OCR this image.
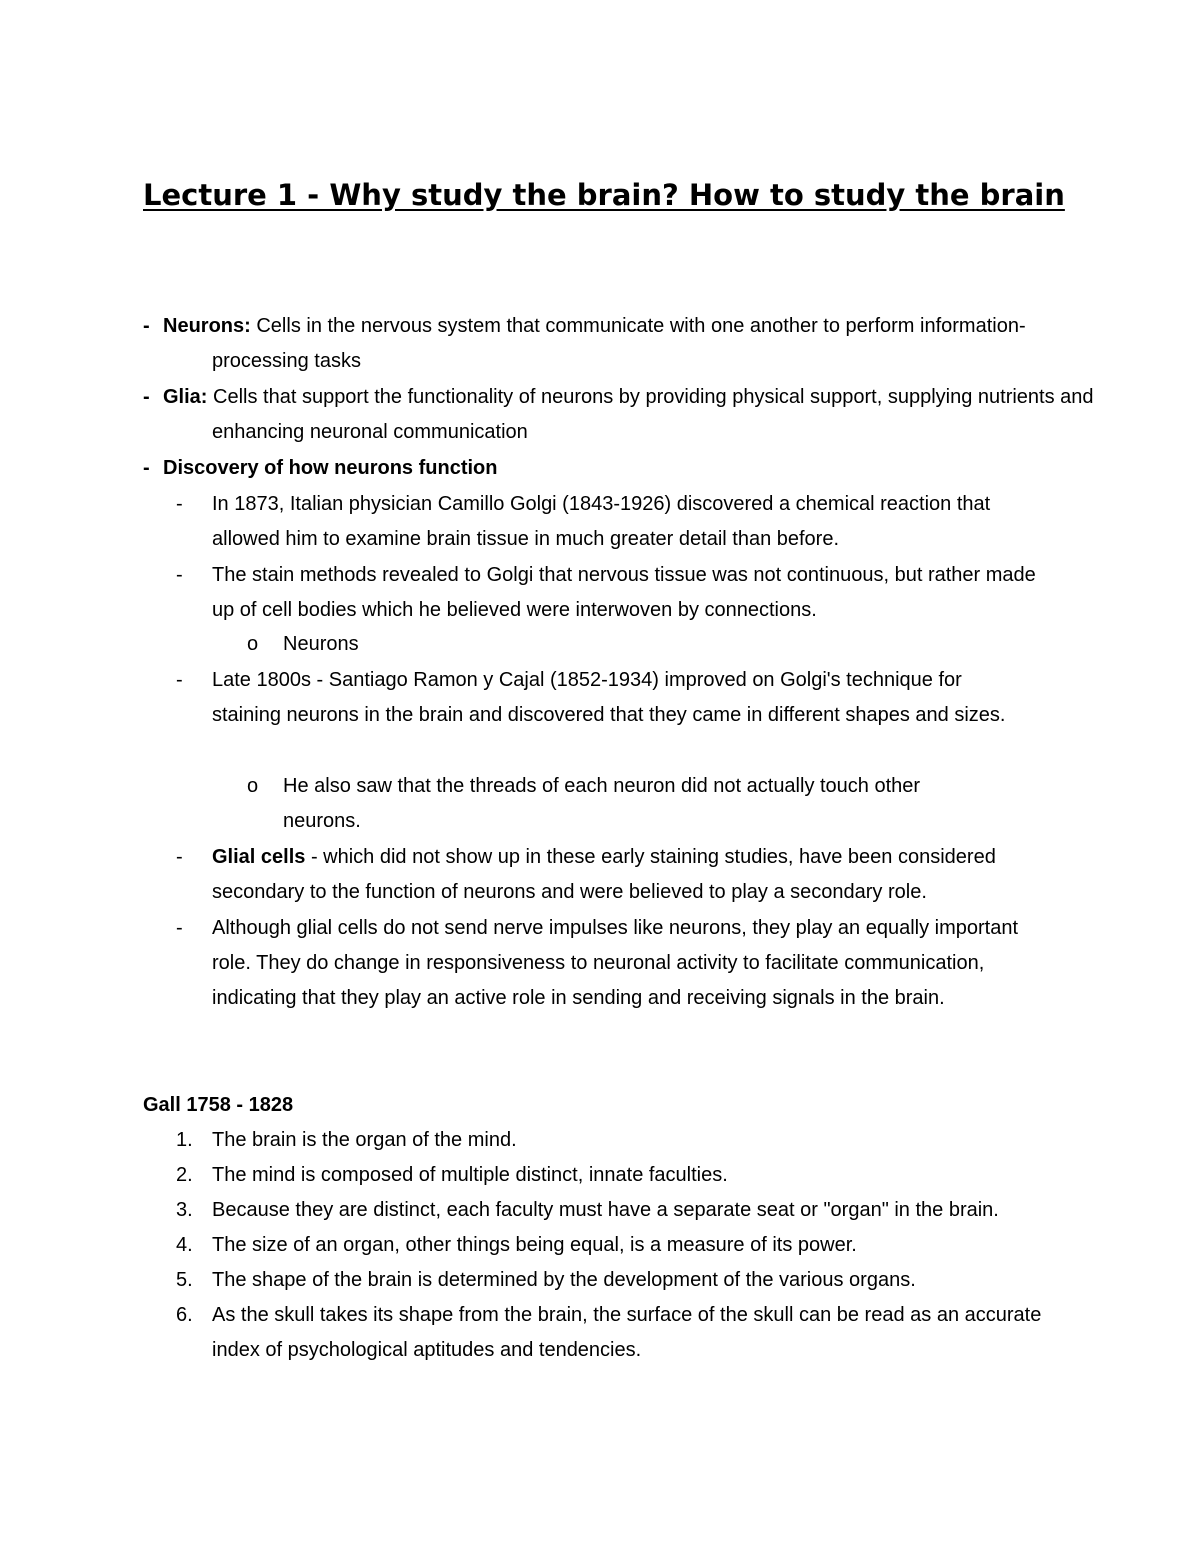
Lecture 1 - Why study the brain? How to study the brain
- Neurons: Cells in the nervous system that communicate with one another to perform information-processing tasks
- Glia: Cells that support the functionality of neurons by providing physical support, supplying nutrients and enhancing neuronal communication
- Discovery of how neurons function
- In 1873, Italian physician Camillo Golgi (1843-1926) discovered a chemical reaction that allowed him to examine brain tissue in much greater detail than before.
- The stain methods revealed to Golgi that nervous tissue was not continuous, but rather made up of cell bodies which he believed were interwoven by connections.
o Neurons
- Late 1800s - Santiago Ramon y Cajal (1852-1934) improved on Golgi's technique for staining neurons in the brain and discovered that they came in different shapes and sizes.
o He also saw that the threads of each neuron did not actually touch other neurons.
- Glial cells - which did not show up in these early staining studies, have been considered secondary to the function of neurons and were believed to play a secondary role.
- Although glial cells do not send nerve impulses like neurons, they play an equally important role. They do change in responsiveness to neuronal activity to facilitate communication, indicating that they play an active role in sending and receiving signals in the brain.
Gall 1758 - 1828
1. The brain is the organ of the mind.
2. The mind is composed of multiple distinct, innate faculties.
3. Because they are distinct, each faculty must have a separate seat or "organ" in the brain.
4. The size of an organ, other things being equal, is a measure of its power.
5. The shape of the brain is determined by the development of the various organs.
6. As the skull takes its shape from the brain, the surface of the skull can be read as an accurate index of psychological aptitudes and tendencies.
